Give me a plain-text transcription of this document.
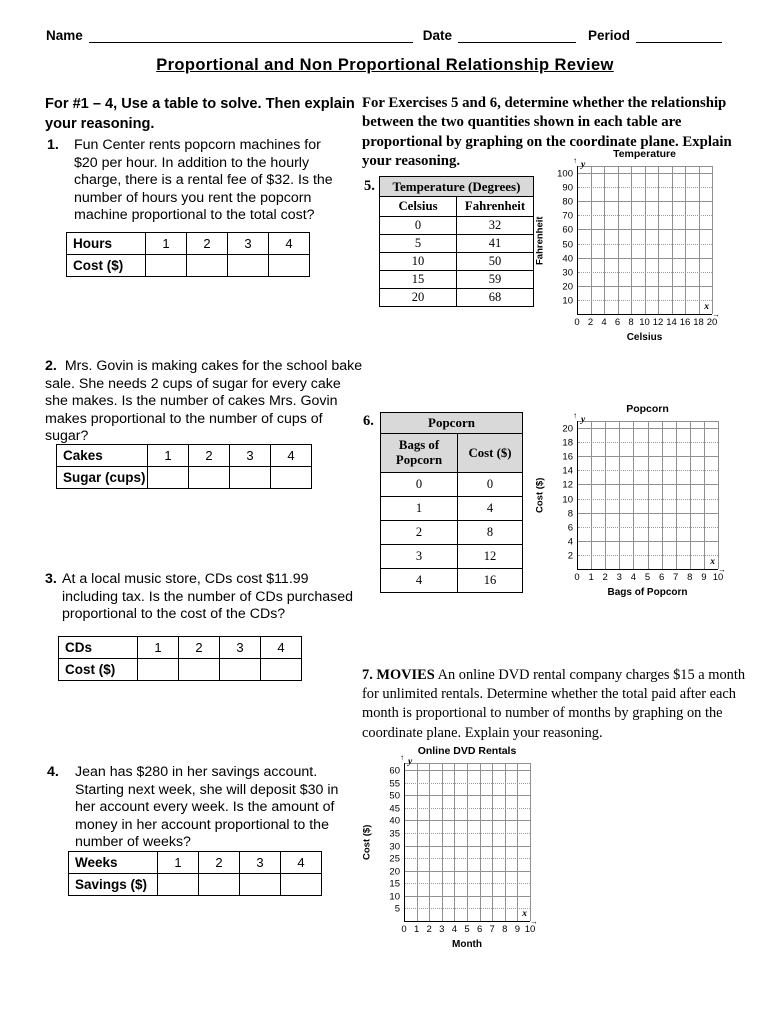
Name	Date	Period
Proportional and Non Proportional Relationship Review
For #1 – 4, Use a table to solve. Then explain your reasoning.
1. Fun Center rents popcorn machines for $20 per hour. In addition to the hourly charge, there is a rental fee of $32. Is the number of hours you rent the popcorn machine proportional to the total cost?
Hours	1	2	3	4
Cost ($)				
2. Mrs. Govin is making cakes for the school bake sale. She needs 2 cups of sugar for every cake she makes. Is the number of cakes Mrs. Govin makes proportional to the number of cups of sugar?
Cakes	1	2	3	4
Sugar (cups)				
3. At a local music store, CDs cost $11.99 including tax. Is the number of CDs purchased proportional to the cost of the CDs?
CDs	1	2	3	4
Cost ($)				
4. Jean has $280 in her savings account. Starting next week, she will deposit $30 in her account every week. Is the amount of money in her account proportional to the number of weeks?
Weeks	1	2	3	4
Savings ($)				
For Exercises 5 and 6, determine whether the relationship between the two quantities shown in each table are proportional by graphing on the coordinate plane. Explain your reasoning.
5. Temperature (Degrees)	
Celsius	Fahrenheit
0	32
5	41
10	50
15	59
20	68
Temperature
Fahrenheit
10
20
30
40
50
60
70
80
90
100
↑
→
y
x
0 2 4 6 8 10 12 14 16 18 20
Celsius
6.	Popcorn	
Bags of Popcorn	Cost ($)
0	0
1	4
2	8
3	12
4	16
Popcorn
Cost ($)
2
4
6
8
10
12
14
16
18
20
↑
→
y
x
0 1 2 3 4 5 6 7 8 9 10
Bags of Popcorn
7. MOVIES An online DVD rental company charges $15 a month for unlimited rentals. Determine whether the total paid after each month is proportional to number of months by graphing on the coordinate plane. Explain your reasoning.
Online DVD Rentals
Cost ($)
5
10
15
20
25
30
35
40
45
50
55
60
↑
→
y
x
0 1 2 3 4 5 6 7 8 9 10
Month
